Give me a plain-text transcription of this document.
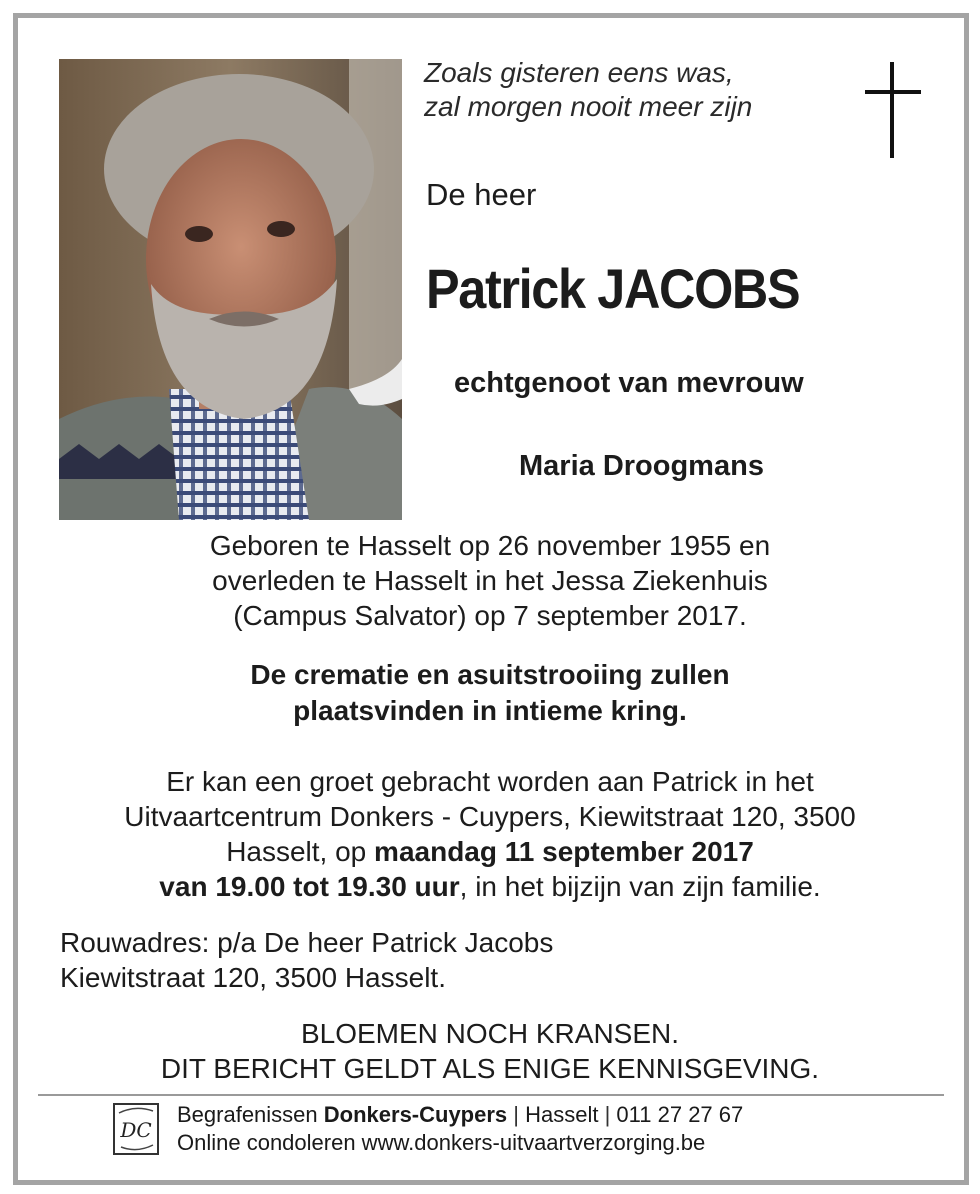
Zoals gisteren eens was,
zal morgen nooit meer zijn
De heer
Patrick JACOBS
echtgenoot van mevrouw
Maria Droogmans
Geboren te Hasselt op 26 november 1955 en
overleden te Hasselt in het Jessa Ziekenhuis
(Campus Salvator) op 7 september 2017.
De crematie en asuitstrooiing zullen
plaatsvinden in intieme kring.
Er kan een groet gebracht worden aan Patrick in het
Uitvaartcentrum Donkers - Cuypers, Kiewitstraat 120, 3500
Hasselt, op maandag 11 september 2017
van 19.00 tot 19.30 uur, in het bijzijn van zijn familie.
Rouwadres: p/a De heer Patrick Jacobs
Kiewitstraat 120, 3500 Hasselt.
BLOEMEN NOCH KRANSEN.
DIT BERICHT GELDT ALS ENIGE KENNISGEVING.
DC
Begrafenissen Donkers-Cuypers | Hasselt | 011 27 27 67
Online condoleren www.donkers-uitvaartverzorging.be
